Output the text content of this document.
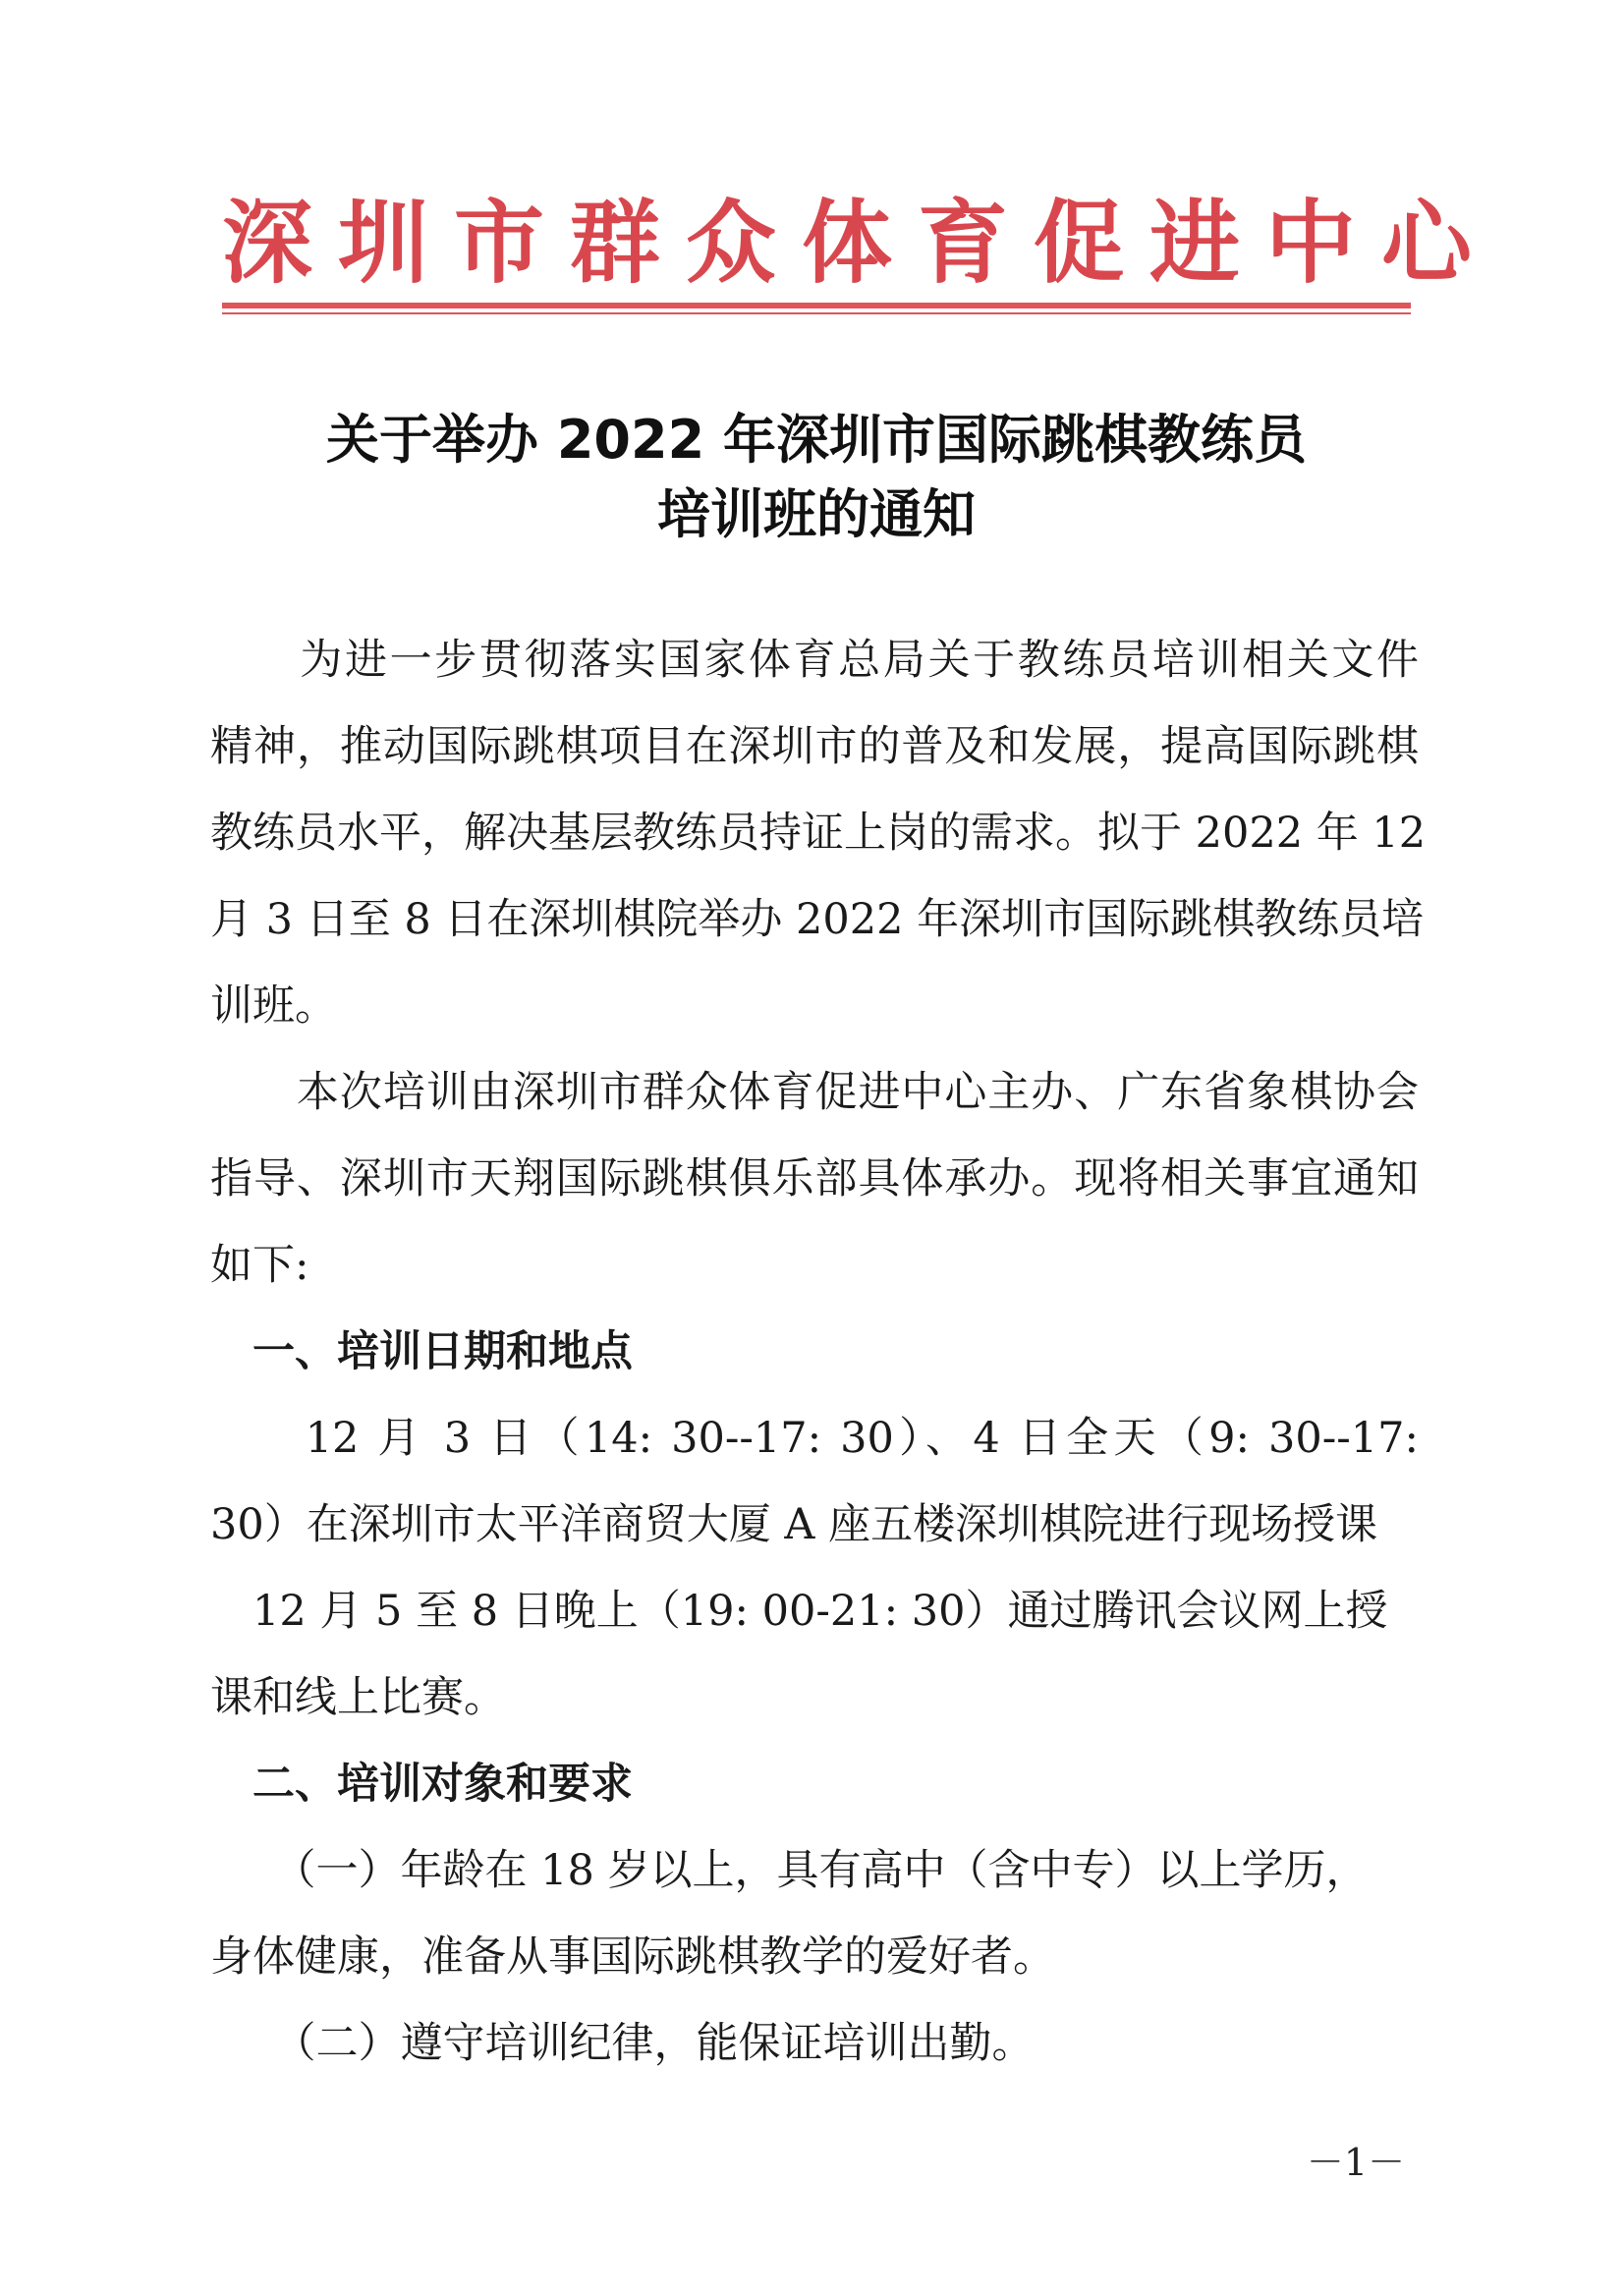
深圳市群众体育促进中心
关于举办 2022 年深圳市国际跳棋教练员
培训班的通知
　　为进一步贯彻落实国家体育总局关于教练员培训相关文件
精神，推动国际跳棋项目在深圳市的普及和发展，提高国际跳棋
教练员水平，解决基层教练员持证上岗的需求。拟于 2022 年 12
月 3 日至 8 日在深圳棋院举办 2022 年深圳市国际跳棋教练员培
训班。
　　本次培训由深圳市群众体育促进中心主办、广东省象棋协会
指导、深圳市天翔国际跳棋俱乐部具体承办。现将相关事宜通知
如下:
　一、培训日期和地点
　　12 月 3 日（14: 30--17: 30）、4 日全天（9: 30--17:
30）在深圳市太平洋商贸大厦 A 座五楼深圳棋院进行现场授课
　12 月 5 至 8 日晚上（19: 00-21: 30）通过腾讯会议网上授
课和线上比赛。
　二、培训对象和要求
　　（一）年龄在 18 岁以上，具有高中（含中专）以上学历，
身体健康，准备从事国际跳棋教学的爱好者。
　　（二）遵守培训纪律，能保证培训出勤。
－1－
